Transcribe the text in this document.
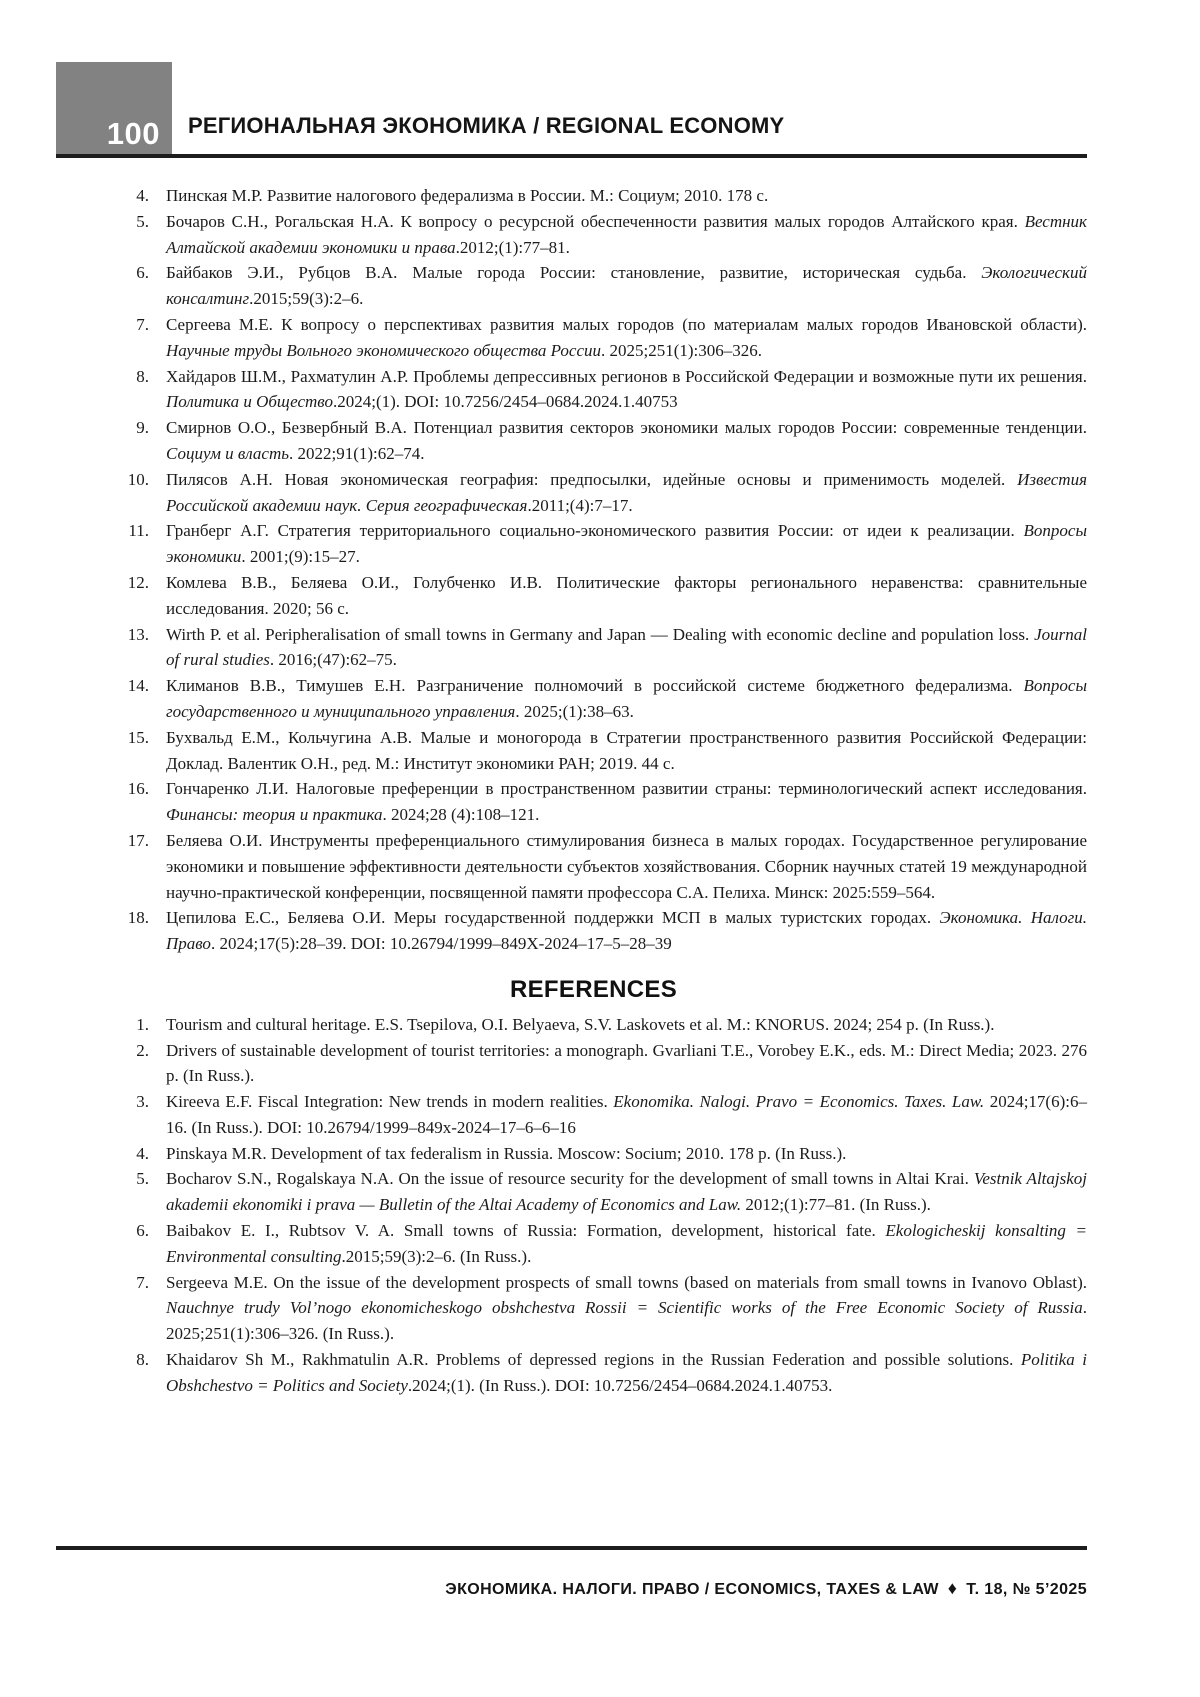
100 РЕГИОНАЛЬНАЯ ЭКОНОМИКА / REGIONAL ECONOMY
4. Пинская М.Р. Развитие налогового федерализма в России. М.: Социум; 2010. 178 с.
5. Бочаров С.Н., Рогальская Н.А. К вопросу о ресурсной обеспеченности развития малых городов Алтайского края. Вестник Алтайской академии экономики и права.2012;(1):77–81.
6. Байбаков Э.И., Рубцов В.А. Малые города России: становление, развитие, историческая судьба. Экологический консалтинг.2015;59(3):2–6.
7. Сергеева М.Е. К вопросу о перспективах развития малых городов (по материалам малых городов Ивановской области). Научные труды Вольного экономического общества России. 2025;251(1):306–326.
8. Хайдаров Ш.М., Рахматулин А.Р. Проблемы депрессивных регионов в Российской Федерации и возможные пути их решения. Политика и Общество.2024;(1). DOI: 10.7256/2454–0684.2024.1.40753
9. Смирнов О.О., Безвербный В.А. Потенциал развития секторов экономики малых городов России: современные тенденции. Социум и власть. 2022;91(1):62–74.
10. Пилясов А.Н. Новая экономическая география: предпосылки, идейные основы и применимость моделей. Известия Российской академии наук. Серия географическая.2011;(4):7–17.
11. Гранберг А.Г. Стратегия территориального социально-экономического развития России: от идеи к реализации. Вопросы экономики. 2001;(9):15–27.
12. Комлева В.В., Беляева О.И., Голубченко И.В. Политические факторы регионального неравенства: сравнительные исследования. 2020; 56 с.
13. Wirth P. et al. Peripheralisation of small towns in Germany and Japan — Dealing with economic decline and population loss. Journal of rural studies. 2016;(47):62–75.
14. Климанов В.В., Тимушев Е.Н. Разграничение полномочий в российской системе бюджетного федерализма. Вопросы государственного и муниципального управления. 2025;(1):38–63.
15. Бухвальд Е.М., Кольчугина А.В. Малые и моногорода в Стратегии пространственного развития Российской Федерации: Доклад. Валентик О.Н., ред. М.: Институт экономики РАН; 2019. 44 с.
16. Гончаренко Л.И. Налоговые преференции в пространственном развитии страны: терминологический аспект исследования. Финансы: теория и практика. 2024;28 (4):108–121.
17. Беляева О.И. Инструменты преференциального стимулирования бизнеса в малых городах. Государственное регулирование экономики и повышение эффективности деятельности субъектов хозяйствования. Сборник научных статей 19 международной научно-практической конференции, посвященной памяти профессора С.А. Пелиха. Минск: 2025:559–564.
18. Цепилова Е.С., Беляева О.И. Меры государственной поддержки МСП в малых туристских городах. Экономика. Налоги. Право. 2024;17(5):28–39. DOI: 10.26794/1999–849X-2024–17–5–28–39
REFERENCES
1. Tourism and cultural heritage. E.S. Tsepilova, O.I. Belyaeva, S.V. Laskovets et al. M.: KNORUS. 2024; 254 p. (In Russ.).
2. Drivers of sustainable development of tourist territories: a monograph. Gvarliani T.E., Vorobey E.K., eds. M.: Direct Media; 2023. 276 p. (In Russ.).
3. Kireeva E.F. Fiscal Integration: New trends in modern realities. Ekonomika. Nalogi. Pravo = Economics. Taxes. Law. 2024;17(6):6–16. (In Russ.). DOI: 10.26794/1999–849x-2024–17–6–6–16
4. Pinskaya M.R. Development of tax federalism in Russia. Moscow: Socium; 2010. 178 p. (In Russ.).
5. Bocharov S.N., Rogalskaya N.A. On the issue of resource security for the development of small towns in Altai Krai. Vestnik Altajskoj akademii ekonomiki i prava — Bulletin of the Altai Academy of Economics and Law. 2012;(1):77–81. (In Russ.).
6. Baibakov E. I., Rubtsov V. A. Small towns of Russia: Formation, development, historical fate. Ekologicheskij konsalting = Environmental consulting.2015;59(3):2–6. (In Russ.).
7. Sergeeva M.E. On the issue of the development prospects of small towns (based on materials from small towns in Ivanovo Oblast). Nauchnye trudy Vol’nogo ekonomicheskogo obshchestva Rossii = Scientific works of the Free Economic Society of Russia. 2025;251(1):306–326. (In Russ.).
8. Khaidarov Sh M., Rakhmatulin A.R. Problems of depressed regions in the Russian Federation and possible solutions. Politika i Obshchestvo = Politics and Society.2024;(1). (In Russ.). DOI: 10.7256/2454–0684.2024.1.40753.
ЭКОНОМИКА. НАЛОГИ. ПРАВО / ECONOMICS, TAXES & LAW ♦ Т. 18, № 5’2025
